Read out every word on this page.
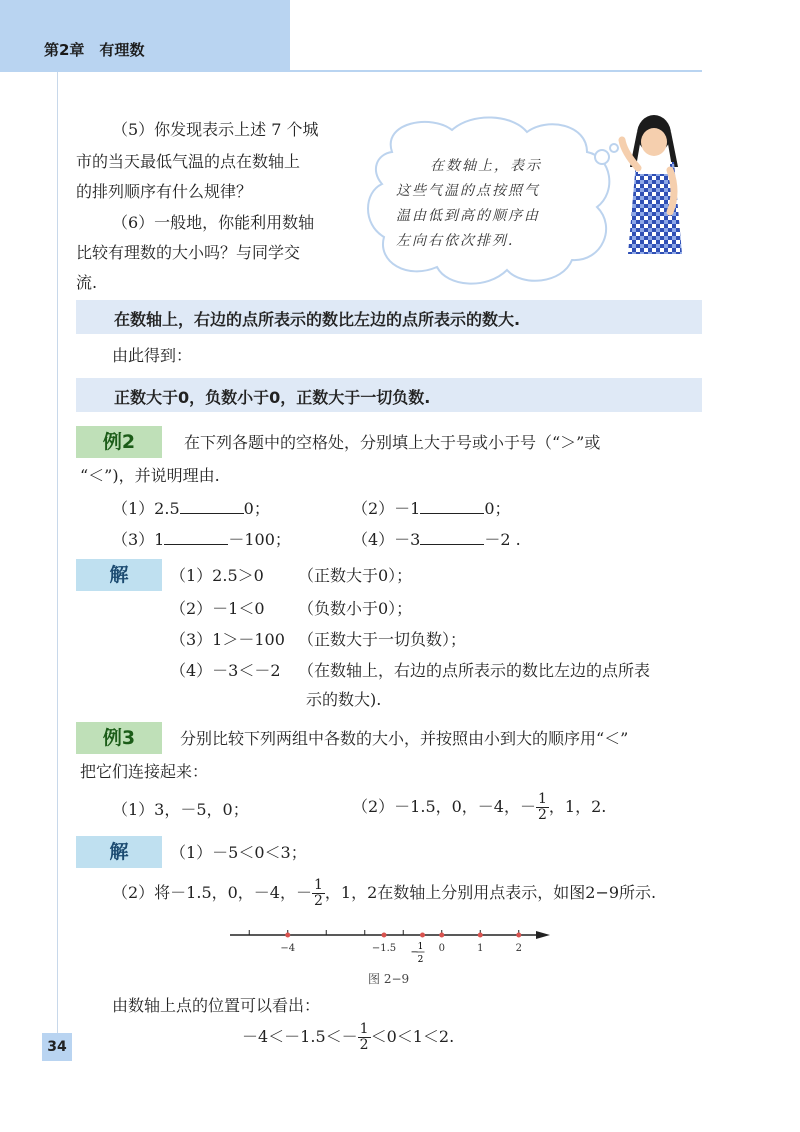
第2章　有理数
（5）你发现表示上述 7 个城
市的当天最低气温的点在数轴上
的排列顺序有什么规律？
（6）一般地，你能利用数轴
比较有理数的大小吗？与同学交
流.
在数轴上，表示
这些气温的点按照气
温由低到高的顺序由
左向右依次排列.
在数轴上，右边的点所表示的数比左边的点所表示的数大.
由此得到：
正数大于0，负数小于0，正数大于一切负数.
例2	在下列各题中的空格处，分别填上大于号或小于号（“＞”或
“＜”)，并说明理由.
（1）2.5	0；	（2）－1	0；
（3）1	－100；	（4）－3	－2 .
解	（1）2.5＞0 （正数大于0）；
（2）－1＜0 （负数小于0）；
（3）1＞－100 （正数大于一切负数）；
（4）－3＜－2 （在数轴上，右边的点所表示的数比左边的点所表
示的数大).
例3	分别比较下列两组中各数的大小，并按照由小到大的顺序用“＜”
把它们连接起来：
（1）3，－5，0；	（2）－1.5，0，－4，－ $\frac{1}{2}$ ，1，2.
解	（1）－5＜0＜3；
（2）将－1.5，0，－4，－ $\frac{1}{2}$ ，1，2在数轴上分别用点表示，如图2−9所示.
−4	−1.5	0	1	2
−
1
2
图 2−9
由数轴上点的位置可以看出：
$-4<-1.5<- \frac{1}{2} <0<1<2$.
34
